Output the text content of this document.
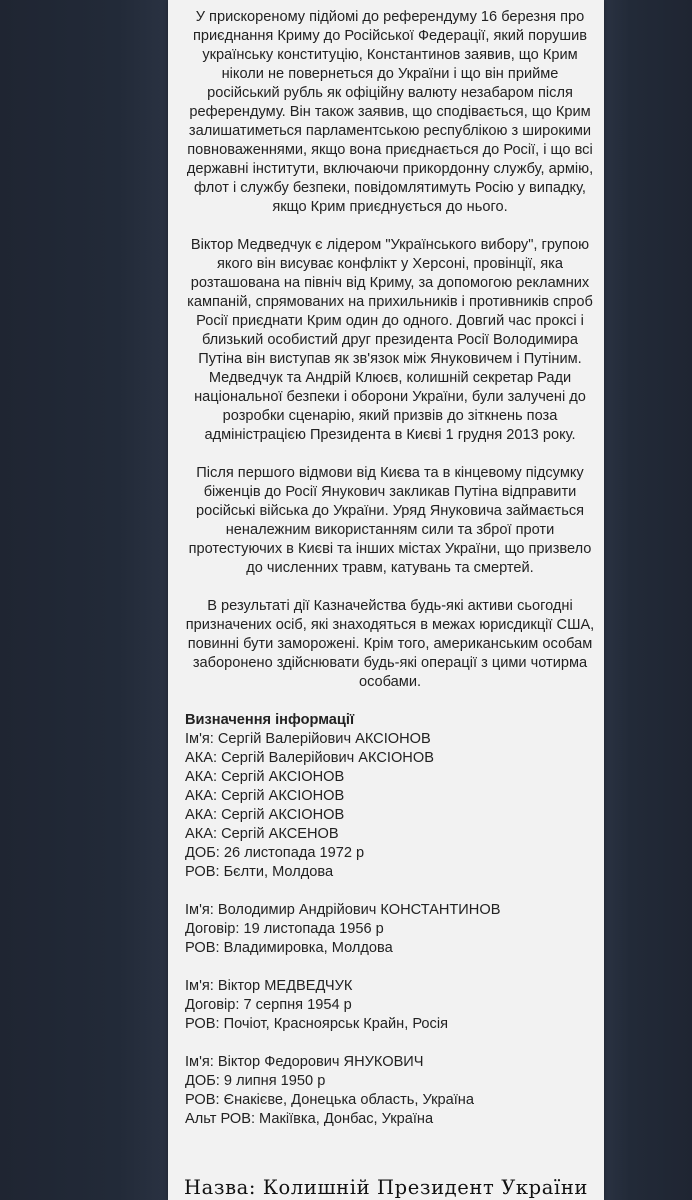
У прискореному підйомі до референдуму 16 березня про приєднання Криму до Російської Федерації, який порушив українську конституцію, Константинов заявив, що Крим ніколи не повернеться до України і що він прийме російський рубль як офіційну валюту незабаром після референдуму. Він також заявив, що сподівається, що Крим залишатиметься парламентською республікою з широкими повноваженнями, якщо вона приєднається до Росії, і що всі державні інститути, включаючи прикордонну службу, армію, флот і службу безпеки, повідомлятимуть Росію у випадку, якщо Крим приєднується до нього.

Віктор Медведчук є лідером "Українського вибору", групою якого він висуває конфлікт у Херсоні, провінції, яка розташована на північ від Криму, за допомогою рекламних кампаній, спрямованих на прихильників і противників спроб Росії приєднати Крим один до одного. Довгий час проксі і близький особистий друг президента Росії Володимира Путіна він виступав як зв'язок між Януковичем і Путіним. Медведчук та Андрій Клюєв, колишній секретар Ради національної безпеки і оборони України, були залучені до розробки сценарію, який призвів до зіткнень поза адміністрацією Президента в Києві 1 грудня 2013 року.

Після першого відмови від Києва та в кінцевому підсумку біженців до Росії Янукович закликав Путіна відправити російські війська до України. Уряд Януковича займається неналежним використанням сили та зброї проти протестуючих в Києві та інших містах України, що призвело до численних травм, катувань та смертей.

В результаті дії Казначейства будь-які активи сьогодні призначених осіб, які знаходяться в межах юрисдикції США, повинні бути заморожені. Крім того, американським особам заборонено здійснювати будь-які операції з цими чотирма особами.

Визначення інформації
Ім'я: Сергій Валерійович АКСІОНОВ
АКА: Сергій Валерійович АКСІОНОВ
АКА: Сергій АКСІОНОВ
АКА: Сергій АКСІОНОВ
АКА: Сергій АКСІОНОВ
АКА: Сергій АКСЕНОВ
ДОБ: 26 листопада 1972 р
РОВ: Бєлти, Молдова
Ім'я: Володимир Андрійович КОНСТАНТИНОВ
Договір: 19 листопада 1956 р
РОВ: Владимировка, Молдова
Ім'я: Віктор МЕДВЕДЧУК
Договір: 7 серпня 1954 р
РОВ: Почіот, Красноярськ Крайн, Росія
Ім'я: Віктор Федорович ЯНУКОВИЧ
ДОБ: 9 липня 1950 р
РОВ: Єнакієве, Донецька область, Україна
Альт РОВ: Макіївка, Донбас, Україна
Назва: Колишній Президент України
